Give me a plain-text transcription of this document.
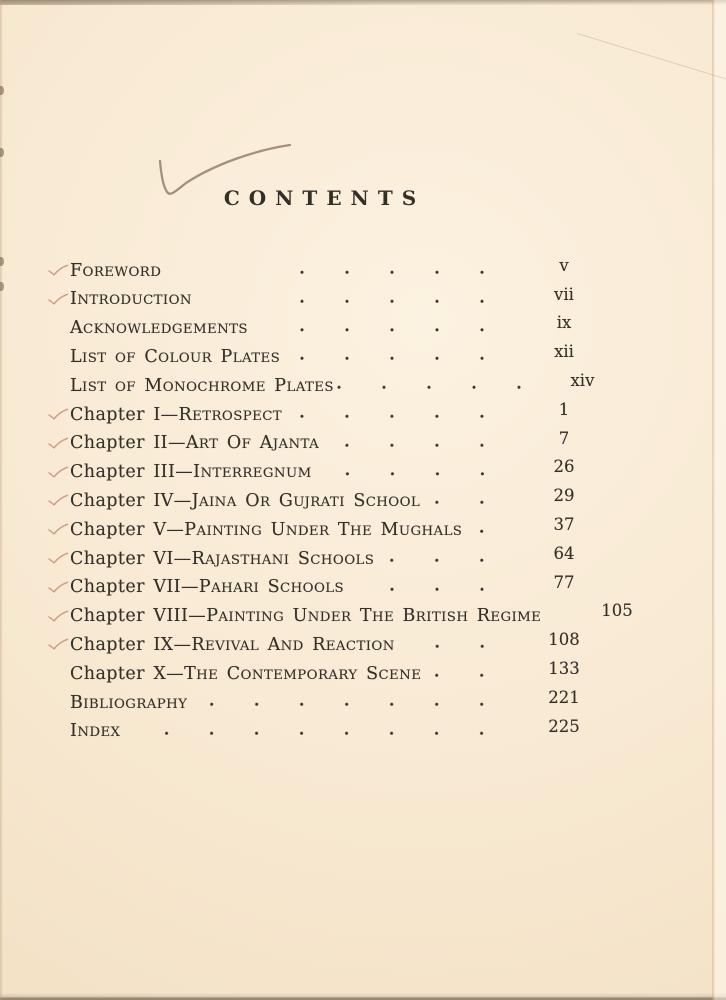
CONTENTS
FOREWORD	v
INTRODUCTION	vii
ACKNOWLEDGEMENTS	ix
LIST OF COLOUR PLATES	xii
LIST OF MONOCHROME PLATES	xiv
Chapter I—RETROSPECT	1
Chapter II—ART OF AJANTA	7
Chapter III—INTERREGNUM	26
Chapter IV—JAINA OR GUJRATI SCHOOL	29
Chapter V—PAINTING UNDER THE MUGHALS	37
Chapter VI—RAJASTHANI SCHOOLS	64
Chapter VII—PAHARI SCHOOLS	77
Chapter VIII—PAINTING UNDER THE BRITISH REGIME	105
Chapter IX—REVIVAL AND REACTION	108
Chapter X—THE CONTEMPORARY SCENE	133
BIBLIOGRAPHY	221
INDEX	225
